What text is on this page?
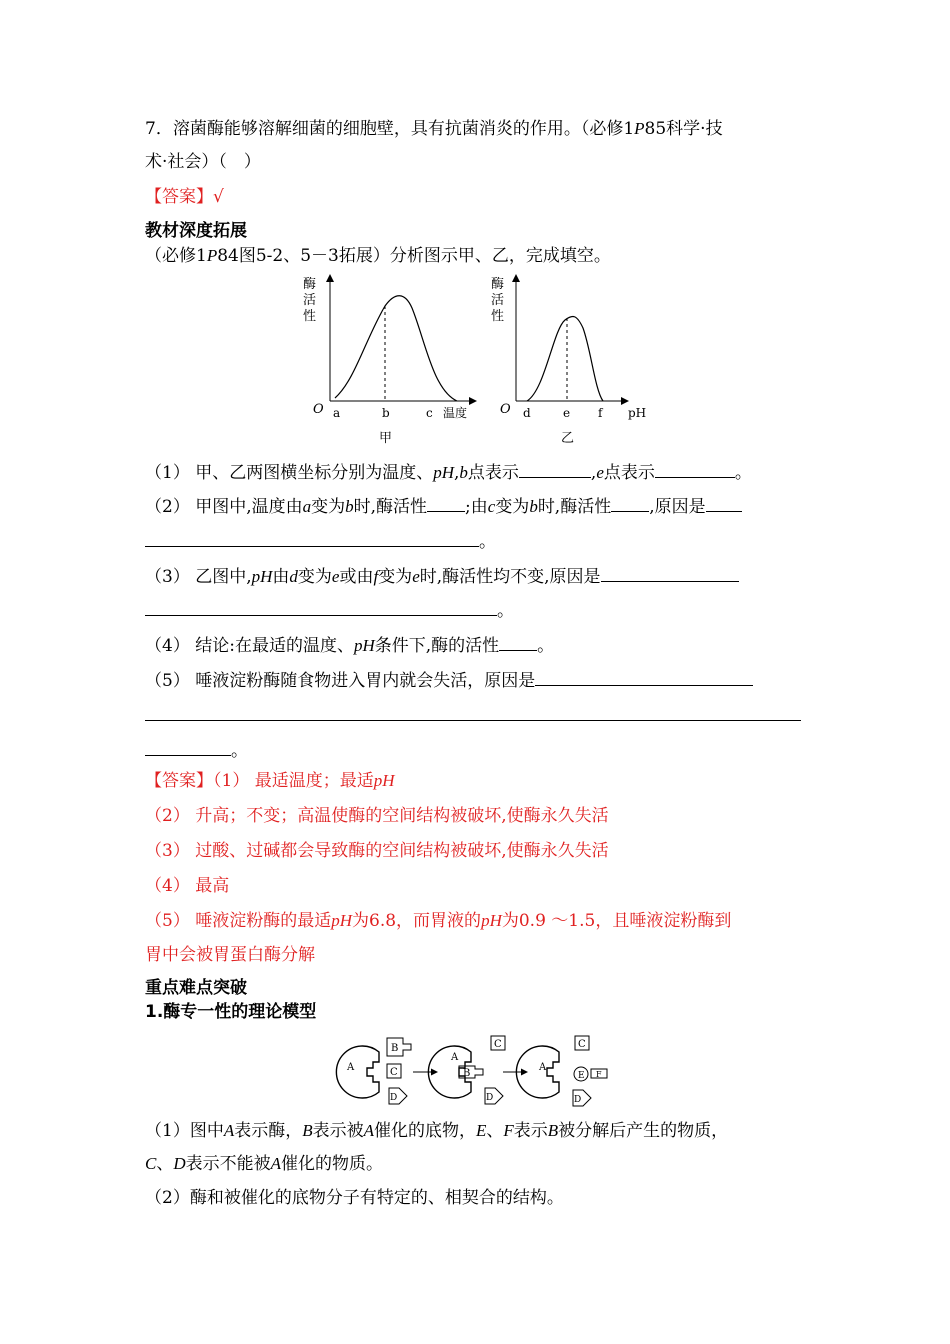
7．溶菌酶能够溶解细菌的细胞壁，具有抗菌消炎的作用。（必修1P85科学·技
术·社会）（　）
【答案】√
教材深度拓展
（必修1P84图5-2、5－3拓展）分析图示甲、乙，完成填空。
酶
活
性
O a	b	c 温度
甲
酶
活
性
O d	e f pH
乙
（1） 甲、乙两图横坐标分别为温度、pH,b点表示	,e点表示	。
（2） 甲图中,温度由a变为b时,酶活性 ;由c变为b时,酶活性 ,原因是
。
（3） 乙图中,pH由d变为e或由f变为e时,酶活性均不变,原因是
。
（4） 结论:在最适的温度、pH条件下,酶的活性 。
（5） 唾液淀粉酶随食物进入胃内就会失活，原因是
。
【答案】（1） 最适温度；最适pH
（2） 升高；不变；高温使酶的空间结构被破坏,使酶永久失活
（3） 过酸、过碱都会导致酶的空间结构被破坏,使酶永久失活
（4） 最高
（5） 唾液淀粉酶的最适pH为6.8，而胃液的pH为0.9 ～1.5，且唾液淀粉酶到
胃中会被胃蛋白酶分解
重点难点突破
1.酶专一性的理论模型
A
B
C
D
A
B
C
D
A
C
E F
D
（1）图中A表示酶，B表示被A催化的底物，E、F表示B被分解后产生的物质，
C、D表示不能被A催化的物质。
（2）酶和被催化的底物分子有特定的、相契合的结构。
